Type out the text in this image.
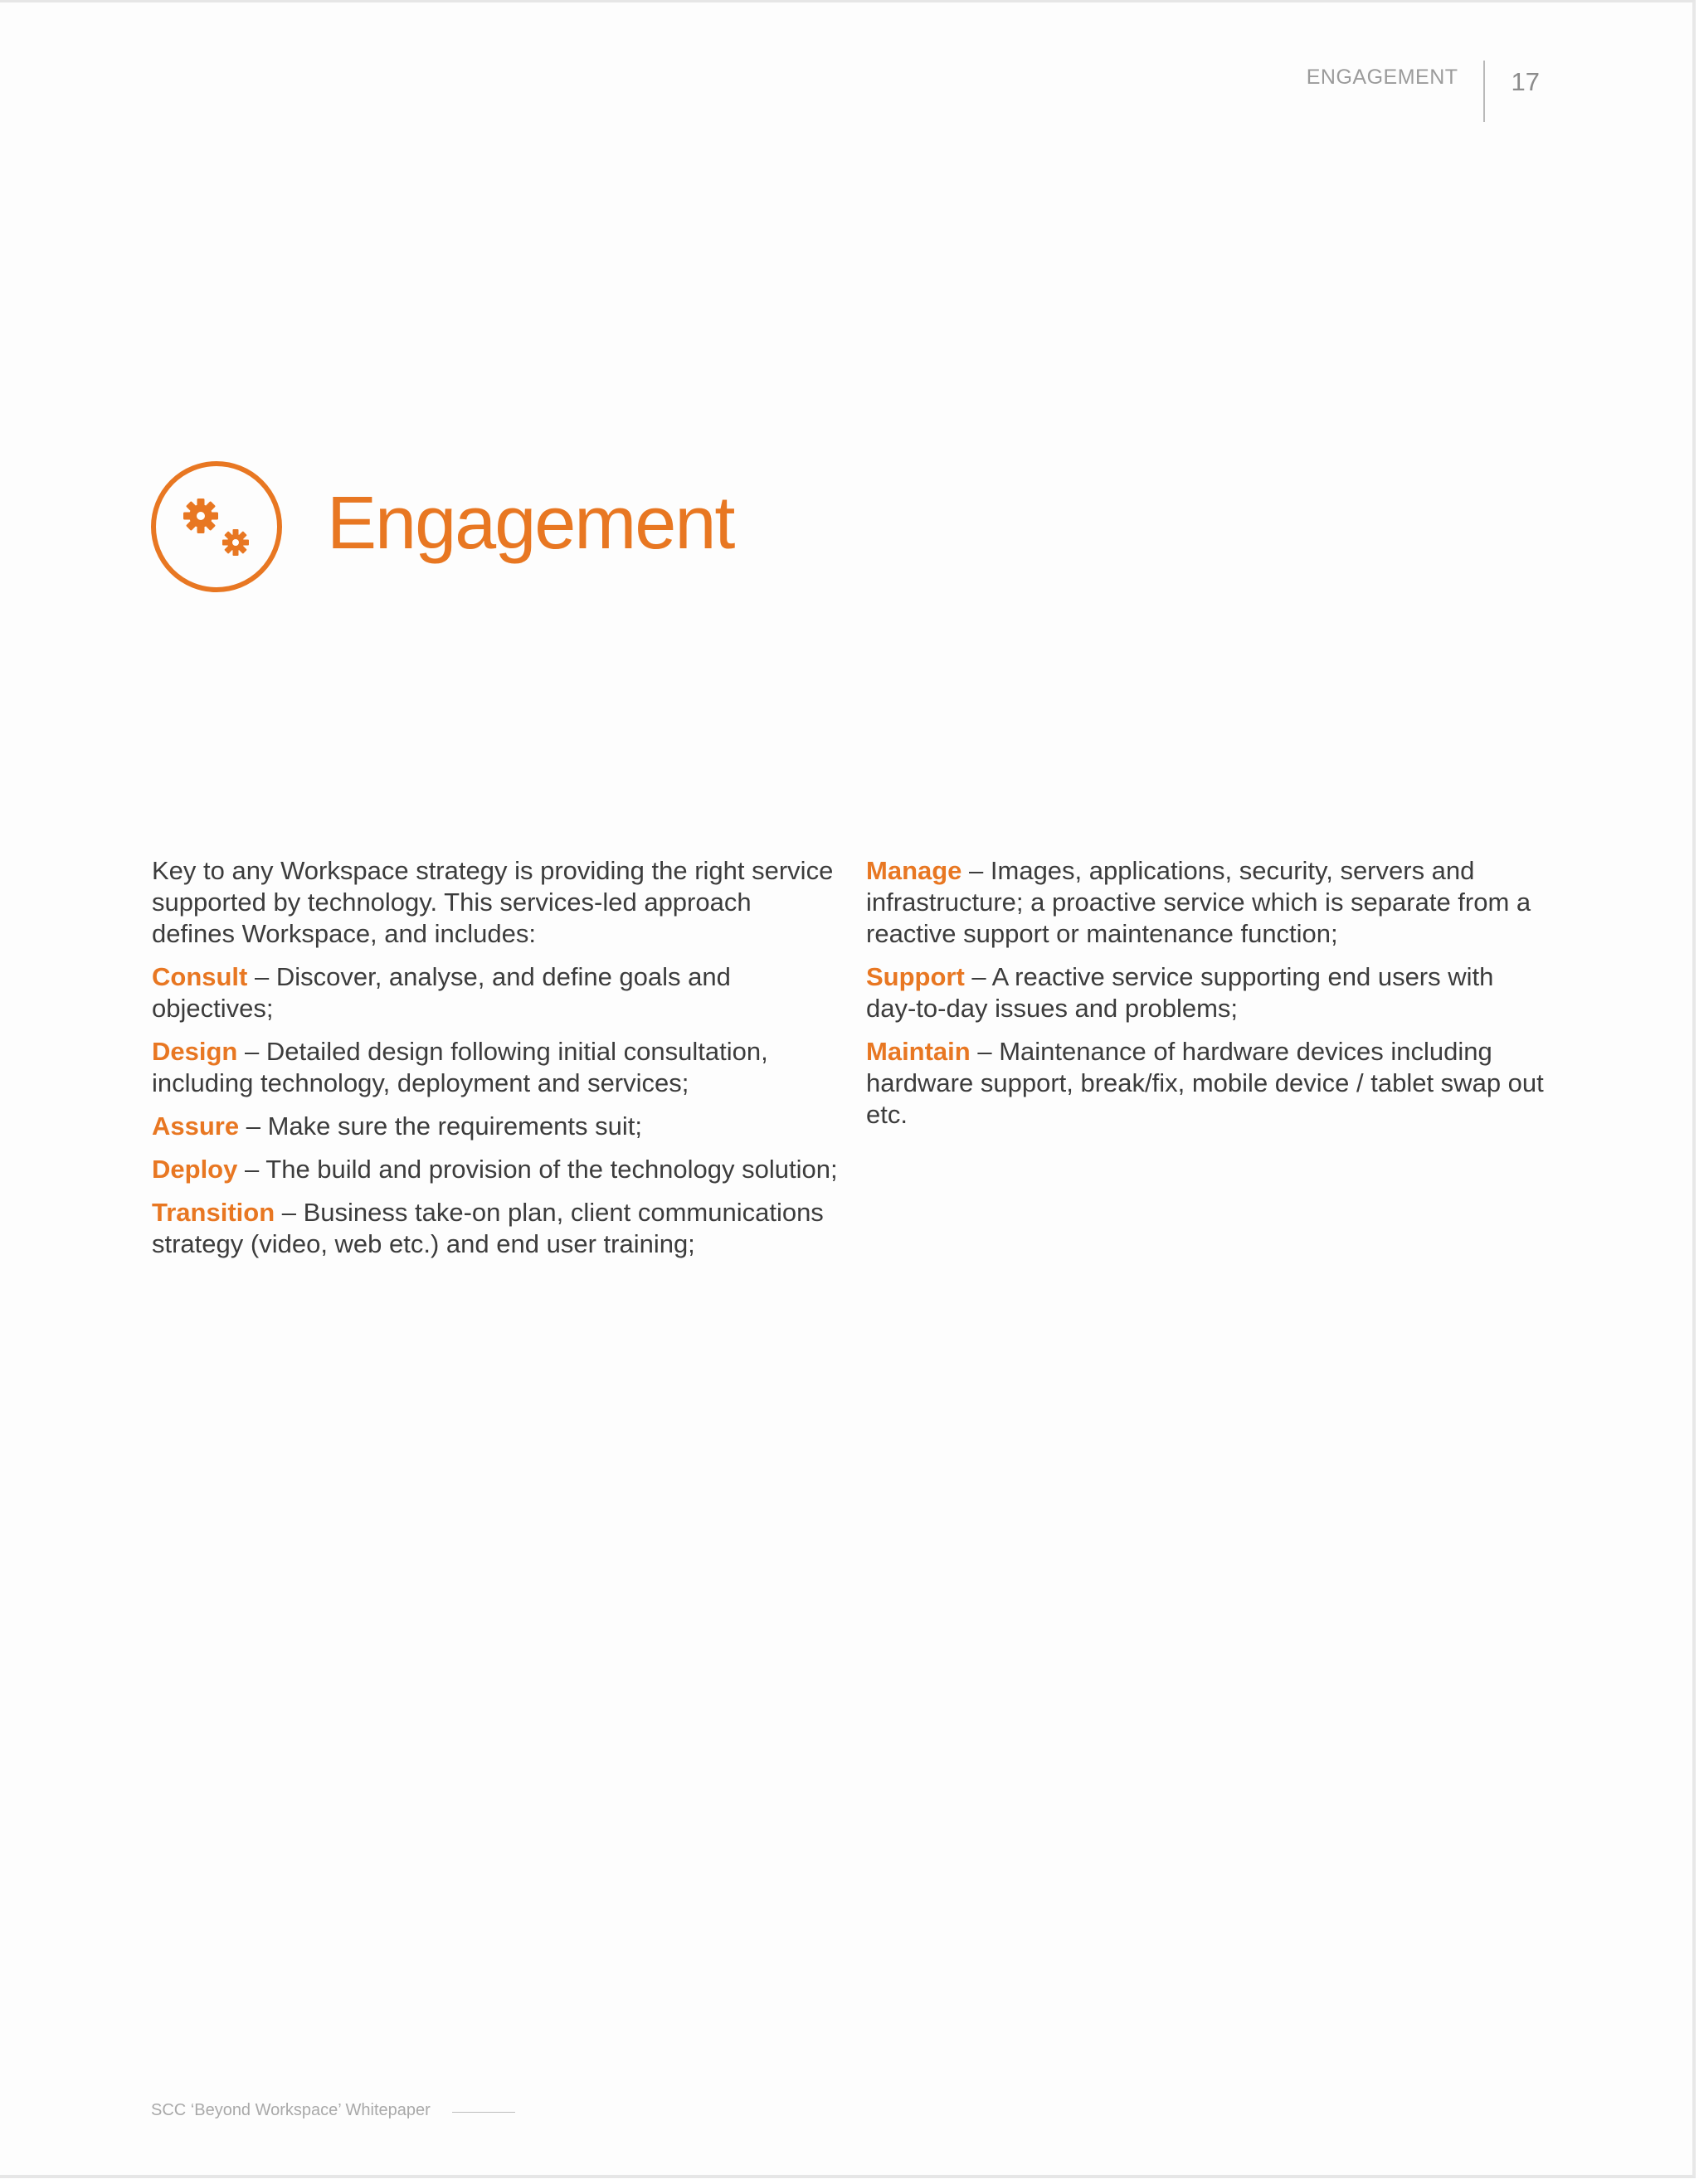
ENGAGEMENT	17
Engagement

Key to any Workspace strategy is providing the right service supported by technology. This services-led approach defines Workspace, and includes:

Consult – Discover, analyse, and define goals and objectives;

Design – Detailed design following initial consultation, including technology, deployment and services;

Assure – Make sure the requirements suit;

Deploy – The build and provision of the technology solution;

Transition – Business take-on plan, client communications strategy (video, web etc.) and end user training;

Manage – Images, applications, security, servers and infrastructure; a proactive service which is separate from a reactive support or maintenance function;

Support – A reactive service supporting end users with day-to-day issues and problems;

Maintain – Maintenance of hardware devices including hardware support, break/fix, mobile device / tablet swap out etc.

SCC ‘Beyond Workspace’ Whitepaper
